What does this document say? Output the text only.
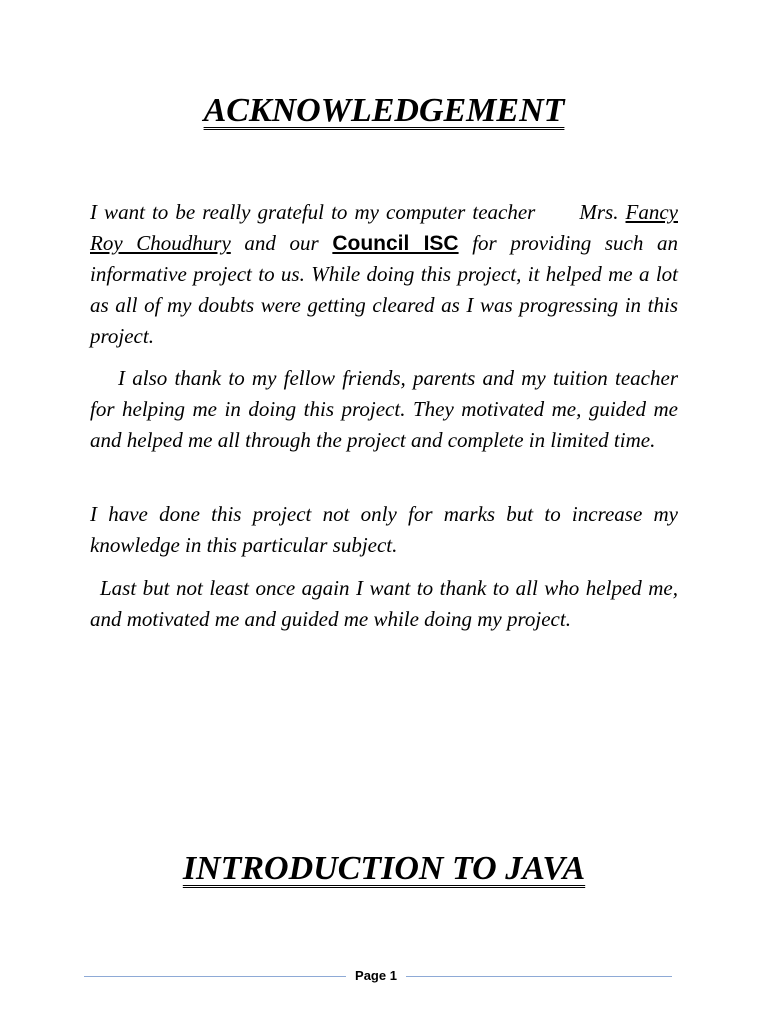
ACKNOWLEDGEMENT

I want to be really grateful to my computer teacher Mrs. Fancy Roy Choudhury and our Council ISC for providing such an informative project to us. While doing this project, it helped me a lot as all of my doubts were getting cleared as I was progressing in this project.

I also thank to my fellow friends, parents and my tuition teacher for helping me in doing this project. They motivated me, guided me and helped me all through the project and complete in limited time.

I have done this project not only for marks but to increase my knowledge in this particular subject.

Last but not least once again I want to thank to all who helped me, and motivated me and guided me while doing my project.

INTRODUCTION TO JAVA
Page 1
